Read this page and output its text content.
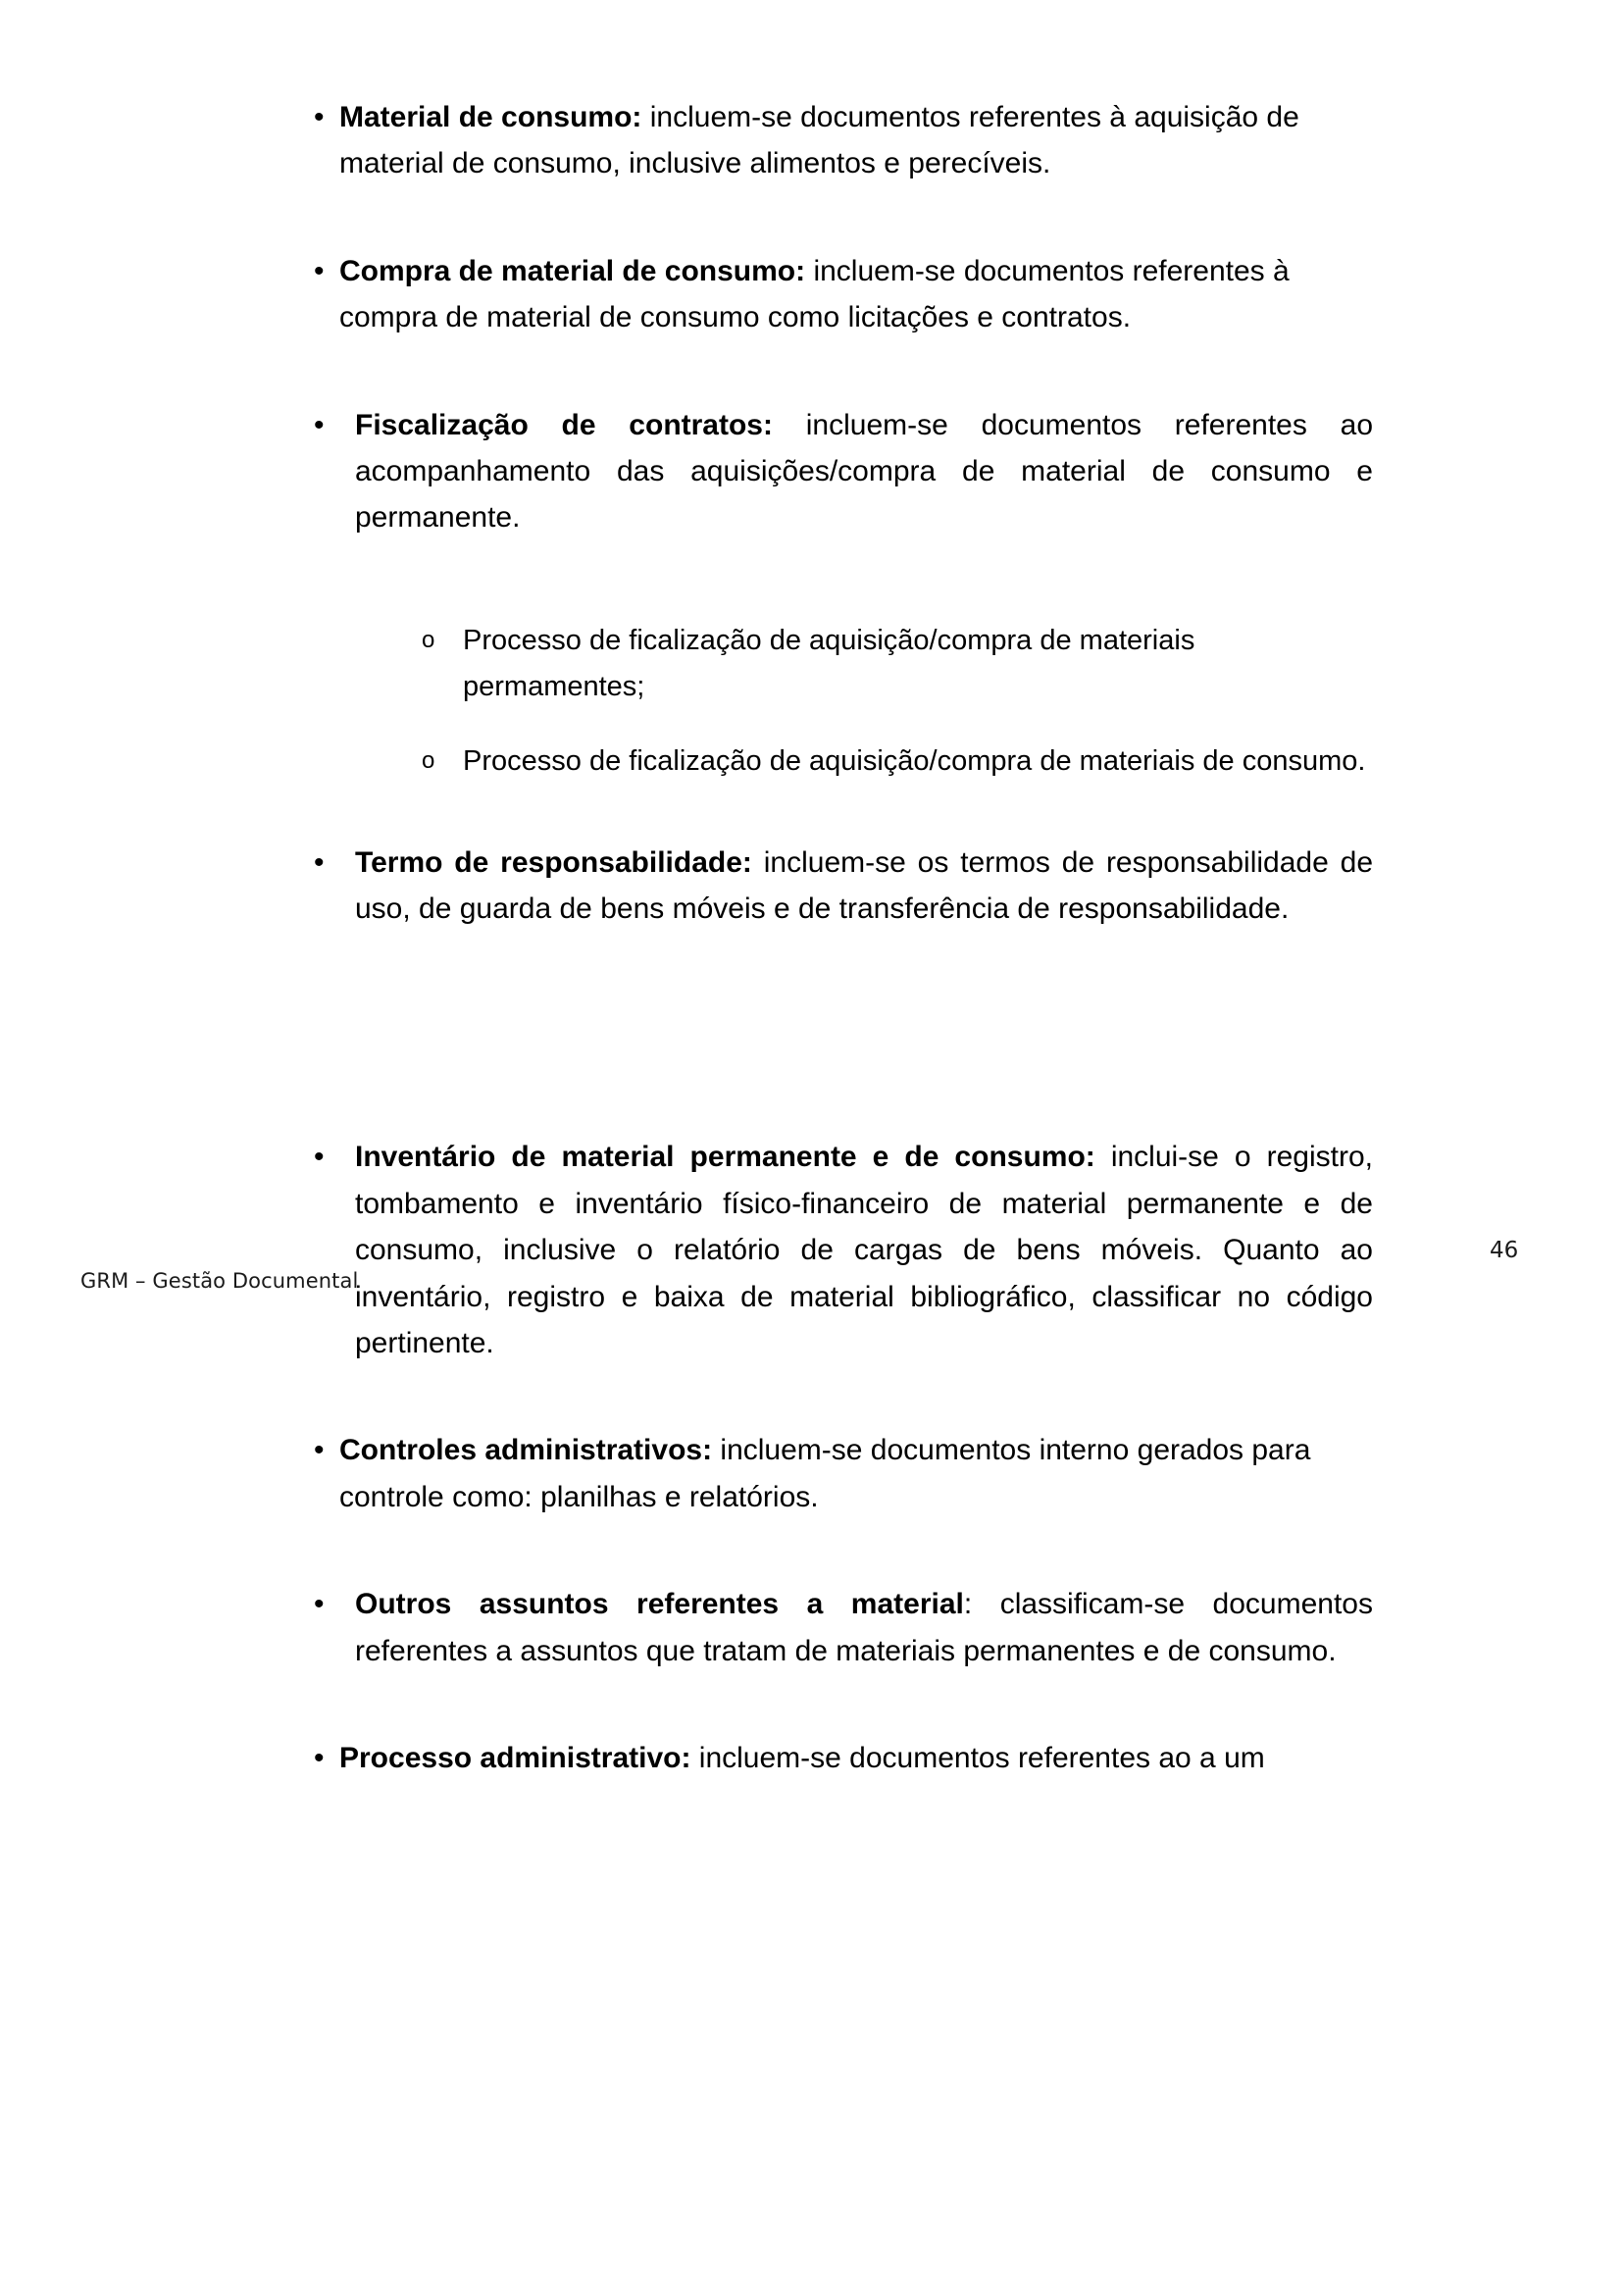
• Material de consumo: incluem-se documentos referentes à aquisição de material de consumo, inclusive alimentos e perecíveis.

• Compra de material de consumo: incluem-se documentos referentes à compra de material de consumo como licitações e contratos.

•	Fiscalização de contratos: incluem-se documentos referentes ao acompanhamento das aquisições/compra de material de consumo e permanente.

o Processo de ficalização de aquisição/compra de materiais permamentes;

o Processo de ficalização de aquisição/compra de materiais de consumo.

•	Termo de responsabilidade: incluem-se os termos de responsabilidade de uso, de guarda de bens móveis e de transferência de responsabilidade.

•	Inventário de material permanente e de consumo: inclui-se o registro, tombamento e inventário físico-financeiro de material permanente e de consumo, inclusive o relatório de cargas de bens móveis. Quanto ao inventário, registro e baixa de material bibliográfico, classificar no código pertinente.

• Controles administrativos: incluem-se documentos interno gerados para controle como: planilhas e relatórios.

•	Outros assuntos referentes a material: classificam-se documentos referentes a assuntos que tratam de materiais permanentes e de consumo.

• Processo administrativo: incluem-se documentos referentes ao a um

GRM – Gestão Documental
46
